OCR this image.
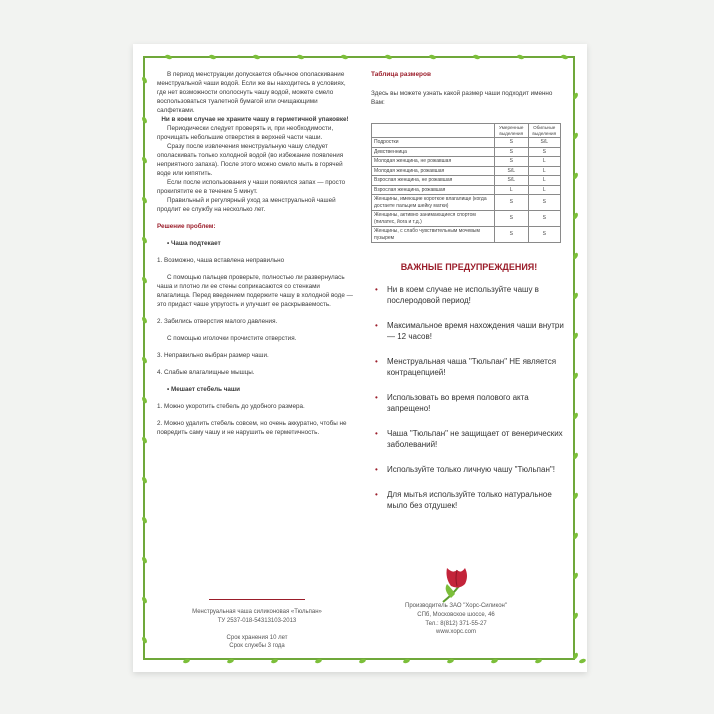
В период менструации допускается обычное ополаскивание менструальной чаши водой. Если же вы находитесь в условиях, где нет возможности ополоснуть чашу водой, можете смело воспользоваться туалетной бумагой или очищающими салфетками.

Ни в коем случае не храните чашу в герметичной упаковке!

Периодически следует проверять и, при необходимости, прочищать небольшие отверстия в верхней части чаши.

Сразу после извлечения менструальную чашу следует ополаскивать только холодной водой (во избежание появления неприятного запаха). После этого можно смело мыть в горячей воде или кипятить.

Если после использования у чаши появился запах — просто прокипятите ее в течение 5 минут.

Правильный и регулярный уход за менструальной чашей продлит ее службу на несколько лет.

Решение проблем:

• Чаша подтекает

1. Возможно, чаша вставлена неправильно

С помощью пальцев проверьте, полностью ли развернулась чаша и плотно ли ее стены соприкасаются со стенками влагалища. Перед введением подержите чашу в холодной воде — это придаст чаше упругость и улучшит ее раскрываемость.

2. Забились отверстия малого давления.

С помощью иголочки прочистите отверстия.

3. Неправильно выбран размер чаши.

4. Слабые влагалищные мышцы.

• Мешает стебель чаши

1. Можно укоротить стебель до удобного размера.

2. Можно удалить стебель совсем, но очень аккуратно, чтобы не повредить саму чашу и не нарушить ее герметичность.

Менструальная чаша силиконовая «Тюльпан»
ТУ 2537-018-54313103-2013
Срок хранения 10 лет
Срок службы 3 года
Таблица размеров
Здесь вы можете узнать какой размер чаши подходит именно Вам:
	Умеренные выделения	Обильные выделения
Подростки	S	S/L
Девственница	S	S
Молодая женщина, не рожавшая	S	L
Молодая женщина, рожавшая	S/L	L
Взрослая женщина, не рожавшая	S/L	L
Взрослая женщина, рожавшая	L	L
Женщины, имеющие короткое влагалище (когда достаете пальцем шейку матки)	S	S
Женщины, активно занимающиеся спортом (пилатес, йога и т.д.)	S	S
Женщины, с слабо чувствительным мочевым пузырем	S	S
ВАЖНЫЕ ПРЕДУПРЕЖДЕНИЯ!
• Ни в коем случае не используйте чашу в послеродовой период!
• Максимальное время нахождения чаши внутри — 12 часов!
• Менструальная чаша "Тюльпан" НЕ является контрацепцией!
• Использовать во время полового акта запрещено!
• Чаша "Тюльпан" не защищает от венерических заболеваний!
• Используйте только личную чашу "Тюльпан"!
• Для мытья используйте только натуральное мыло без отдушек!
Производитель ЗАО "Хорс-Силикон"
СПб, Московское шоссе, 46
Тел.: 8(812) 371-55-27
www.xopc.com
